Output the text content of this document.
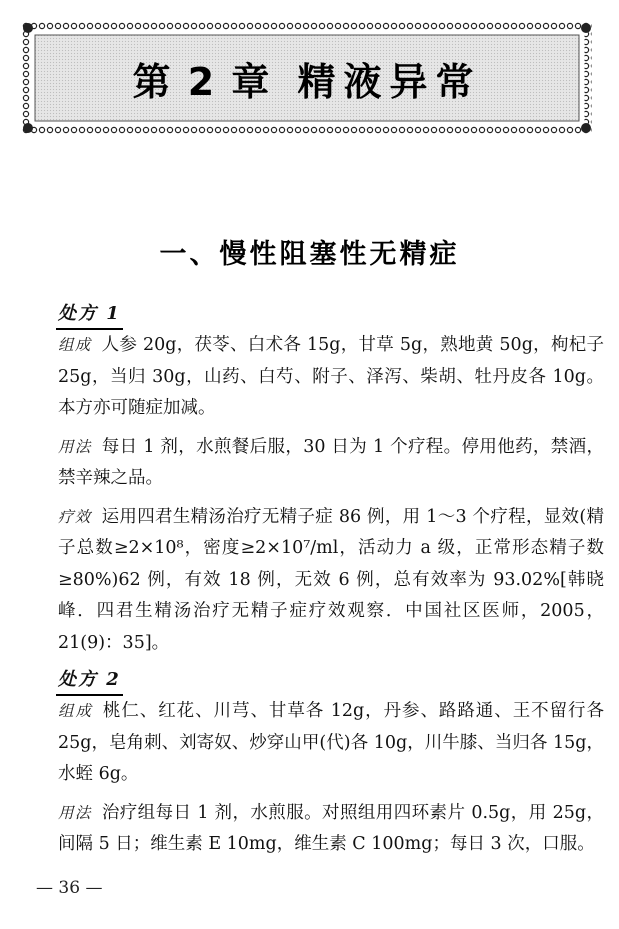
第 2 章 精液异常
一、慢性阻塞性无精症
处方 1

组成 人参 20g，茯苓、白术各 15g，甘草 5g，熟地黄 50g，枸杞子 25g，当归 30g，山药、白芍、附子、泽泻、柴胡、牡丹皮各 10g。本方亦可随症加减。

用法 每日 1 剂，水煎餐后服，30 日为 1 个疗程。停用他药，禁酒，禁辛辣之品。

疗效 运用四君生精汤治疗无精子症 86 例，用 1～3 个疗程，显效(精子总数≥2×10⁸，密度≥2×10⁷/ml，活动力 a 级，正常形态精子数≥80%)62 例，有效 18 例，无效 6 例，总有效率为 93.02%[韩晓峰．四君生精汤治疗无精子症疗效观察．中国社区医师，2005，21(9)：35]。

处方 2

组成 桃仁、红花、川芎、甘草各 12g，丹参、路路通、王不留行各 25g，皂角刺、刘寄奴、炒穿山甲(代)各 10g，川牛膝、当归各 15g，水蛭 6g。

用法 治疗组每日 1 剂，水煎服。对照组用四环素片 0.5g，用 25g，间隔 5 日；维生素 E 10mg，维生素 C 100mg；每日 3 次，口服。

— 36 —
